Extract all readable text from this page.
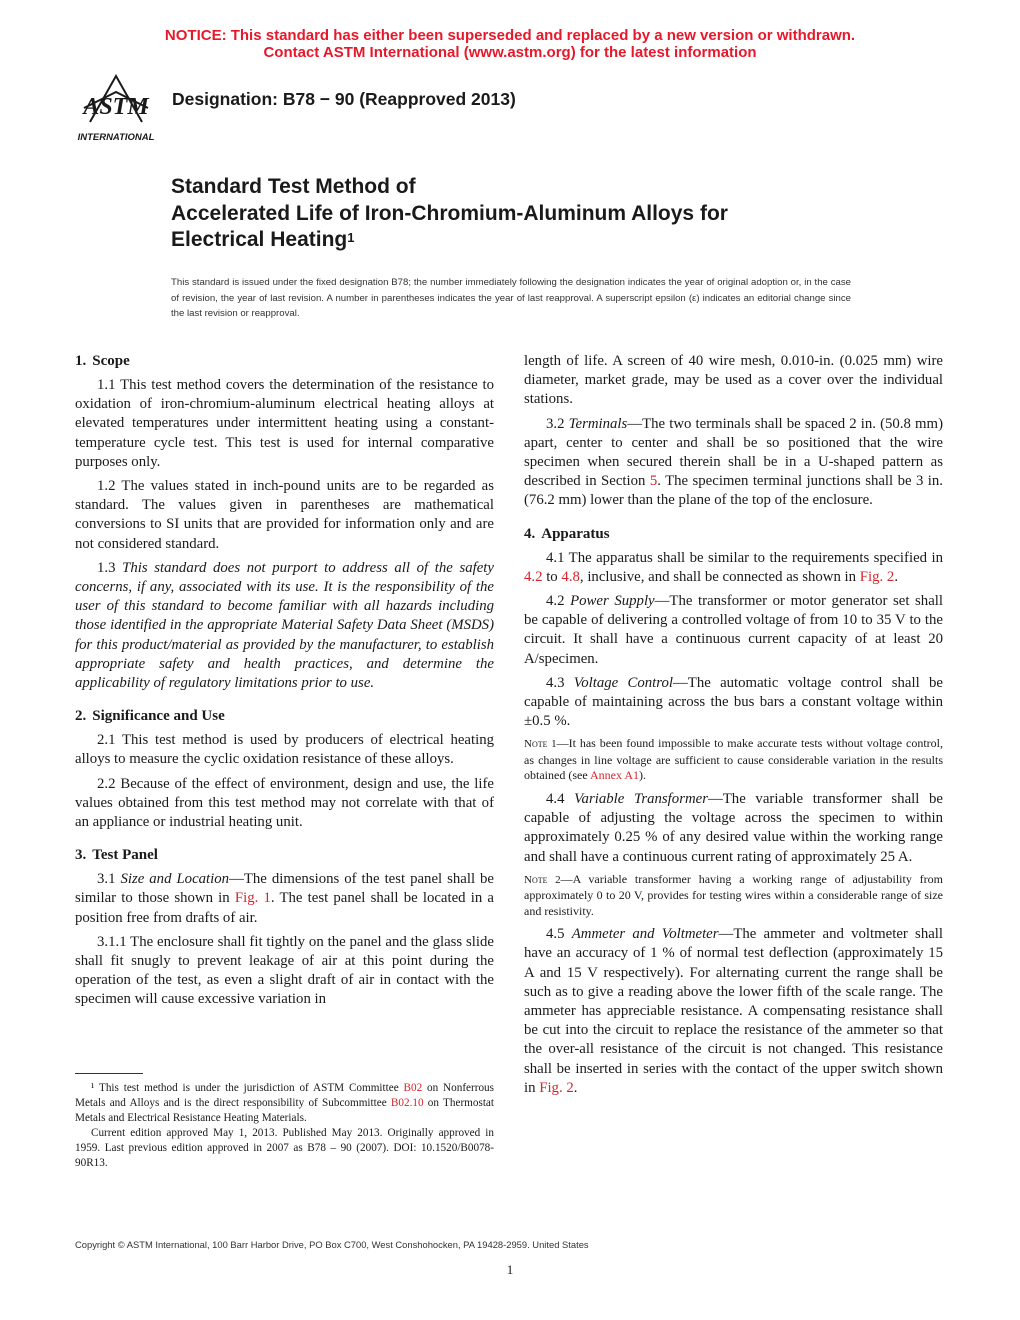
NOTICE: This standard has either been superseded and replaced by a new version or withdrawn.
Contact ASTM International (www.astm.org) for the latest information
ASTM
INTERNATIONAL
Designation: B78 − 90 (Reapproved 2013)
Standard Test Method of
Accelerated Life of Iron-Chromium-Aluminum Alloys for
Electrical Heating$^1$
This standard is issued under the fixed designation B78; the number immediately following the designation indicates the year of original adoption or, in the case of revision, the year of last revision. A number in parentheses indicates the year of last reapproval. A superscript epsilon (ε) indicates an editorial change since the last revision or reapproval.
1. Scope

1.1 This test method covers the determination of the resistance to oxidation of iron-chromium-aluminum electrical heating alloys at elevated temperatures under intermittent heating using a constant-temperature cycle test. This test is used for internal comparative purposes only.

1.2 The values stated in inch-pound units are to be regarded as standard. The values given in parentheses are mathematical conversions to SI units that are provided for information only and are not considered standard.

1.3 This standard does not purport to address all of the safety concerns, if any, associated with its use. It is the responsibility of the user of this standard to become familiar with all hazards including those identified in the appropriate Material Safety Data Sheet (MSDS) for this product/material as provided by the manufacturer, to establish appropriate safety and health practices, and determine the applicability of regulatory limitations prior to use.

2. Significance and Use

2.1 This test method is used by producers of electrical heating alloys to measure the cyclic oxidation resistance of these alloys.

2.2 Because of the effect of environment, design and use, the life values obtained from this test method may not correlate with that of an appliance or industrial heating unit.

3. Test Panel

3.1 Size and Location—The dimensions of the test panel shall be similar to those shown in Fig. 1. The test panel shall be located in a position free from drafts of air.

3.1.1 The enclosure shall fit tightly on the panel and the glass slide shall fit snugly to prevent leakage of air at this point during the operation of the test, as even a slight draft of air in contact with the specimen will cause excessive variation in

¹ This test method is under the jurisdiction of ASTM Committee B02 on Nonferrous Metals and Alloys and is the direct responsibility of Subcommittee B02.10 on Thermostat Metals and Electrical Resistance Heating Materials.

Current edition approved May 1, 2013. Published May 2013. Originally approved in 1959. Last previous edition approved in 2007 as B78 – 90 (2007). DOI: 10.1520/B0078-90R13.

length of life. A screen of 40 wire mesh, 0.010-in. (0.025 mm) wire diameter, market grade, may be used as a cover over the individual stations.

3.2 Terminals—The two terminals shall be spaced 2 in. (50.8 mm) apart, center to center and shall be so positioned that the wire specimen when secured therein shall be in a U-shaped pattern as described in Section 5. The specimen terminal junctions shall be 3 in. (76.2 mm) lower than the plane of the top of the enclosure.

4. Apparatus

4.1 The apparatus shall be similar to the requirements specified in 4.2 to 4.8, inclusive, and shall be connected as shown in Fig. 2.

4.2 Power Supply—The transformer or motor generator set shall be capable of delivering a controlled voltage of from 10 to 35 V to the circuit. It shall have a continuous current capacity of at least 20 A/specimen.

4.3 Voltage Control—The automatic voltage control shall be capable of maintaining across the bus bars a constant voltage within ±0.5 %.

Note 1—It has been found impossible to make accurate tests without voltage control, as changes in line voltage are sufficient to cause considerable variation in the results obtained (see Annex A1).

4.4 Variable Transformer—The variable transformer shall be capable of adjusting the voltage across the specimen to within approximately 0.25 % of any desired value within the working range and shall have a continuous current rating of approximately 25 A.

Note 2—A variable transformer having a working range of adjustability from approximately 0 to 20 V, provides for testing wires within a considerable range of size and resistivity.

4.5 Ammeter and Voltmeter—The ammeter and voltmeter shall have an accuracy of 1 % of normal test deflection (approximately 15 A and 15 V respectively). For alternating current the range shall be such as to give a reading above the lower fifth of the scale range. The ammeter has appreciable resistance. A compensating resistance shall be cut into the circuit to replace the resistance of the ammeter so that the over-all resistance of the circuit is not changed. This resistance shall be inserted in series with the contact of the upper switch shown in Fig. 2.

Copyright © ASTM International, 100 Barr Harbor Drive, PO Box C700, West Conshohocken, PA 19428-2959. United States
1
